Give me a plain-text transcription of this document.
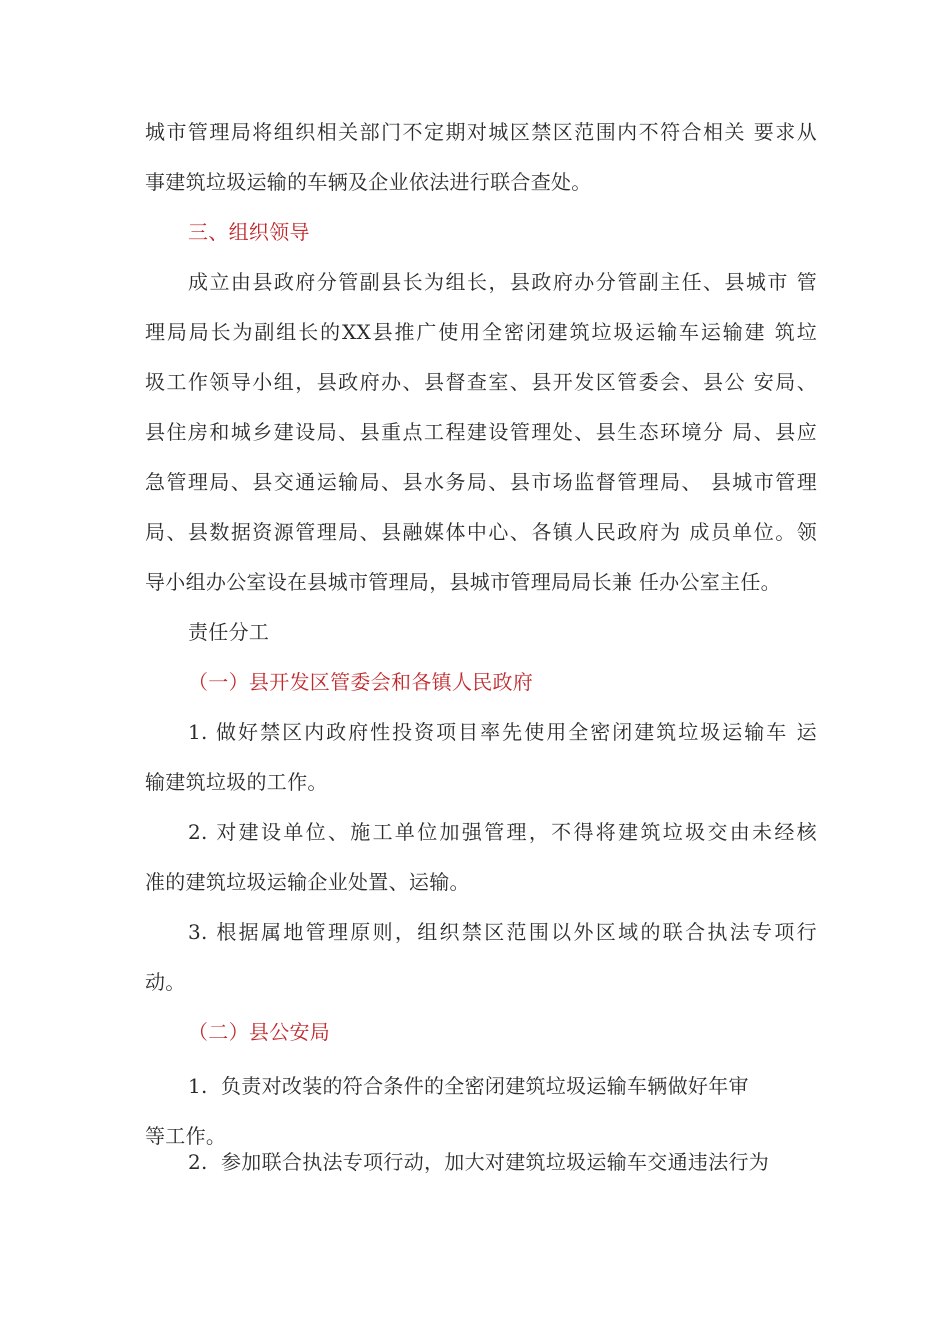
城市管理局将组织相关部门不定期对城区禁区范围内不符合相关 要求从
事建筑垃圾运输的车辆及企业依法进行联合查处。
三、组织领导
成立由县政府分管副县长为组长，县政府办分管副主任、县城市 管
理局局长为副组长的XX县推广使用全密闭建筑垃圾运输车运输建 筑垃
圾工作领导小组，县政府办、县督查室、县开发区管委会、县公 安局、
县住房和城乡建设局、县重点工程建设管理处、县生态环境分 局、县应
急管理局、县交通运输局、县水务局、县市场监督管理局、 县城市管理
局、县数据资源管理局、县融媒体中心、各镇人民政府为 成员单位。领
导小组办公室设在县城市管理局，县城市管理局局长兼 任办公室主任。
责任分工
（一）县开发区管委会和各镇人民政府
1. 做好禁区内政府性投资项目率先使用全密闭建筑垃圾运输车 运
输建筑垃圾的工作。
2. 对建设单位、施工单位加强管理，不得将建筑垃圾交由未经核
准的建筑垃圾运输企业处置、运输。
3. 根据属地管理原则，组织禁区范围以外区域的联合执法专项行
动。
（二）县公安局
1.  负责对改装的符合条件的全密闭建筑垃圾运输车辆做好年审
等工作。
2.  参加联合执法专项行动，加大对建筑垃圾运输车交通违法行为
